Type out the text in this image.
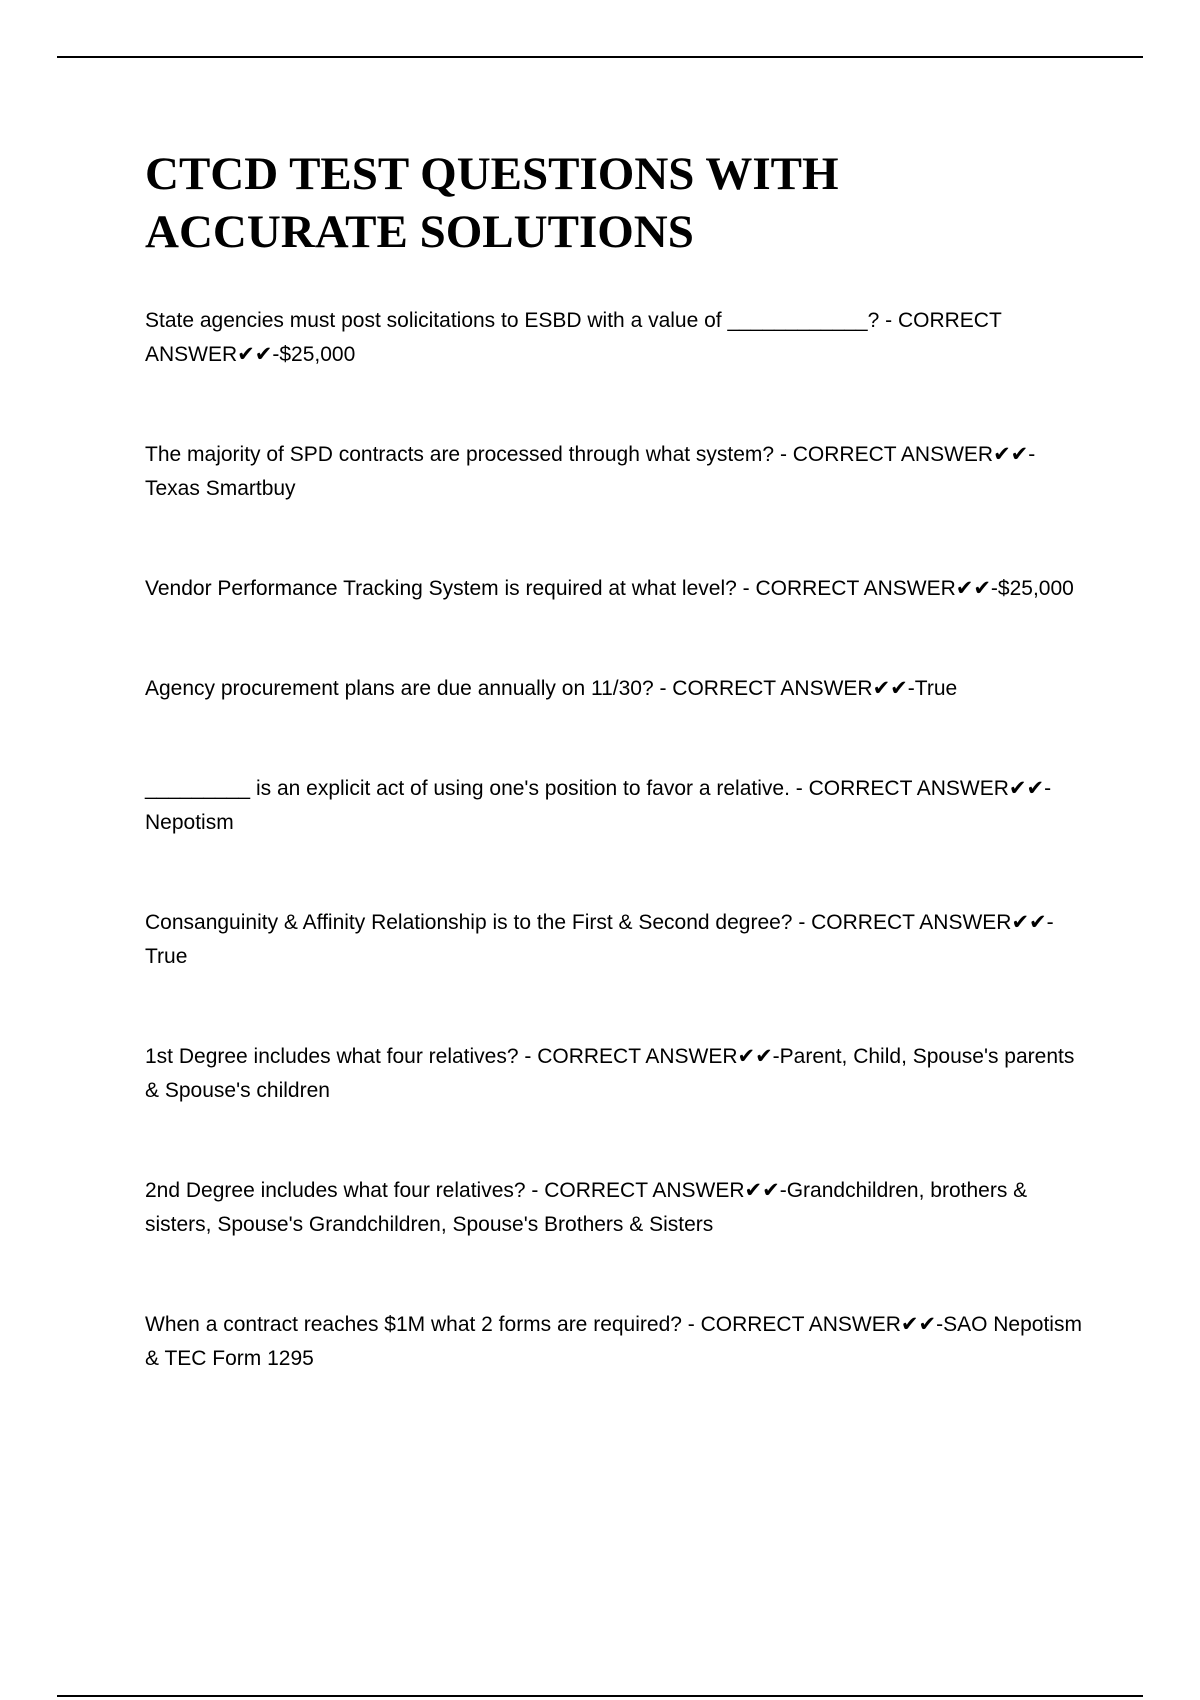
CTCD TEST QUESTIONS WITH ACCURATE SOLUTIONS
State agencies must post solicitations to ESBD with a value of ____________? - CORRECT ANSWER✔✔-$25,000
The majority of SPD contracts are processed through what system? - CORRECT ANSWER✔✔-Texas Smartbuy
Vendor Performance Tracking System is required at what level? - CORRECT ANSWER✔✔-$25,000
Agency procurement plans are due annually on 11/30? - CORRECT ANSWER✔✔-True
_________ is an explicit act of using one's position to favor a relative. - CORRECT ANSWER✔✔-Nepotism
Consanguinity & Affinity Relationship is to the First & Second degree? - CORRECT ANSWER✔✔-True
1st Degree includes what four relatives? - CORRECT ANSWER✔✔-Parent, Child, Spouse's parents & Spouse's children
2nd Degree includes what four relatives? - CORRECT ANSWER✔✔-Grandchildren, brothers & sisters, Spouse's Grandchildren, Spouse's Brothers & Sisters
When a contract reaches $1M what 2 forms are required? - CORRECT ANSWER✔✔-SAO Nepotism & TEC Form 1295
